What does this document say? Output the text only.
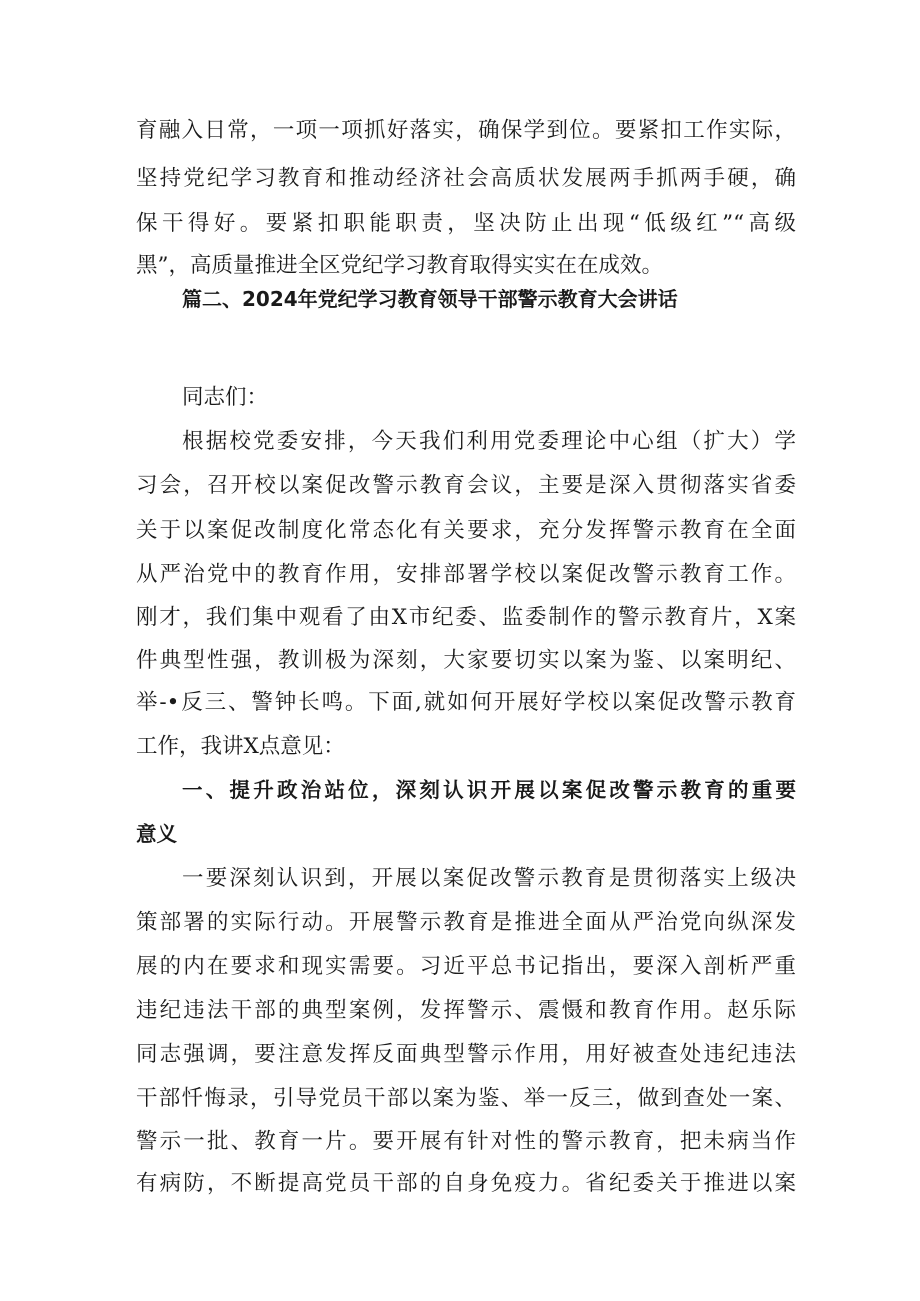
育融入日常，一项一项抓好落实，确保学到位。要紧扣工作实际，

坚持党纪学习教育和推动经济社会高质状发展两手抓两手硬，确

保干得好。要紧扣职能职责，坚决防止出现“低级红”“高级

黑”，高质量推进全区党纪学习教育取得实实在在成效。

篇二、2024年党纪学习教育领导干部警示教育大会讲话

同志们：

根据校党委安排，今天我们利用党委理论中心组（扩大）学

习会，召开校以案促改警示教育会议，主要是深入贯彻落实省委

关于以案促改制度化常态化有关要求，充分发挥警示教育在全面

从严治党中的教育作用，安排部署学校以案促改警示教育工作。

刚才，我们集中观看了由X市纪委、监委制作的警示教育片，X案

件典型性强，教训极为深刻，大家要切实以案为鉴、以案明纪、

举-•反三、警钟长鸣。下面,就如何开展好学校以案促改警示教育

工作，我讲X点意见：

一、提升政治站位，深刻认识开展以案促改警示教育的重要

意义

一要深刻认识到，开展以案促改警示教育是贯彻落实上级决

策部署的实际行动。开展警示教育是推进全面从严治党向纵深发

展的内在要求和现实需要。习近平总书记指出，要深入剖析严重

违纪违法干部的典型案例，发挥警示、震慑和教育作用。赵乐际

同志强调，要注意发挥反面典型警示作用，用好被查处违纪违法

干部忏悔录，引导党员干部以案为鉴、举一反三，做到查处一案、

警示一批、教育一片。要开展有针对性的警示教育，把未病当作

有病防，不断提高党员干部的自身免疫力。省纪委关于推进以案
